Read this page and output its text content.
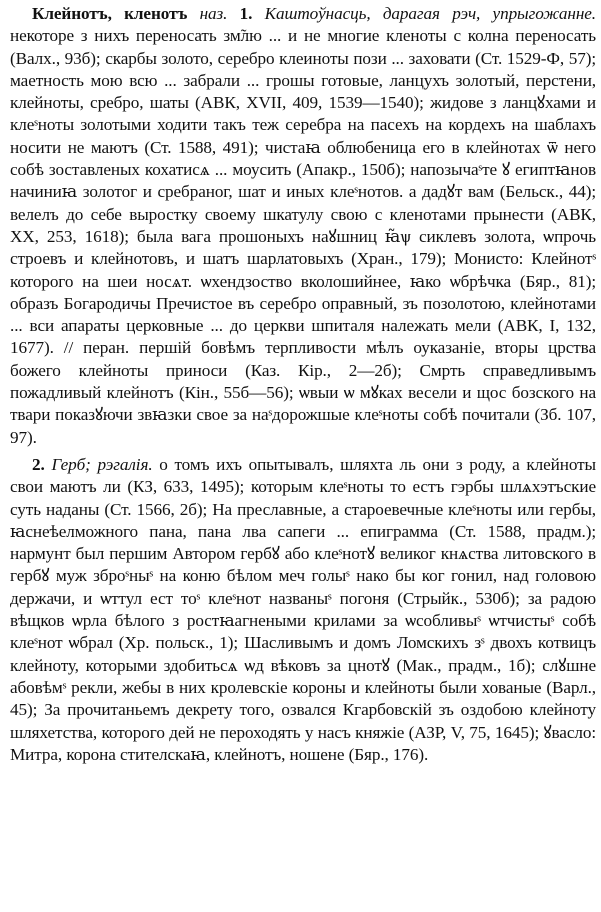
Клейнотъ, кленотъ наз. 1. Каштоўнасць, дарагая рэч, упрыгожанне. некоторе з нихъ переносать зм̃лю ... и не многие кленоты с колна переносать (Валх., 93б); скарбы золото, серебро клеиноты пози ... заховати (Ст. 1529-Ф, 57); маетность мою всю ... забрали ... грошы готовые, ланцухъ золотый, перстени, клейноты, сребро, шаты (АВК, XVII, 409, 1539—1540); жидове з ланцꙋхами и клеˢноты золотыми ходити такъ теж серебра на пасехъ на кордехъ на шаблахъ носити не маютъ (Ст. 1588, 491); чистаꙗ облюбеница его в клейнотах ѿ него собѣ зоставленых кохатисѧ ... моусить (Апакр., 150б); напозычаˢте ꙋ египтꙗнов начиниꙗ золотог и сребраног, шат и иных клеˢнотов. а дадꙋт вам (Бельск., 44); велелъ до себе выростку своему шкатулу свою с кленотами прынести (АВК, XX, 253, 1618); была вага прошоныхъ наꙋшниц ꙗ̃ѱ сиклевъ золота, ѡпрочь строевъ и клейнотовъ, и шатъ шарлатовыхъ (Хран., 179); Монисто: Клейнотˢ которого на шеи носѧт. ѡхендзоство вколошийнее, ꙗко ѡбрѣчка (Бяр., 81); образъ Богародичы Пречистое въ серебро оправный, зъ позолотою, клейнотами ... вси апараты церковные ... до церкви шпиталя належать мели (АВК, I, 132, 1677). // перан. першій бовѣмъ терпливости мѣлъ оуказаніе, вторы црства божего клейноты приноси (Каз. Кір., 2—2б); Смрть справедливымъ пожадливый клейнотъ (Кін., 55б—56); ѡвыи ѡ мꙋках весели и щос бозского на твари показꙋючи звꙗзки свое за наˢдорожшые клеˢноты собѣ почитали (Зб. 107, 97).

2. Герб; рэгалія. о томъ ихъ опытывалъ, шляхта ль они з роду, а клейноты свои маютъ ли (КЗ, 633, 1495); которым клеˢноты то естъ гэрбы шлѧхэтъские суть наданы (Ст. 1566, 2б); На преславные, а староевечные клеˢноты или гербы, ꙗснеѣелможного пана, пана лва сапеги ... епиграмма (Ст. 1588, прадм.); нармунт был першим Автором гербꙋ або клеˢнотꙋ великог кнѧства литовского в гербꙋ муж зброˢныˢ на коню бѣлом меч голыˢ нако бы ког гонил, над головою держачи, и ѡттул ест тоˢ клеˢнот названыˢ погоня (Стрыйк., 530б); за радою вѣщков ѡрла бѣлого з ростꙗагнеными крилами за ѡсобливыˢ ѡтчистыˢ собѣ клеˢнот ѡбрал (Хр. польск., 1); Шасливымъ и домъ Ломскихъ зˢ двохъ котвицъ клейноту, которыми здобитьсѧ ѡд вѣковъ за цнотꙋ (Мак., прадм., 1б); слꙋшне абовѣмˢ рекли, жебы в них кролевскіе короны и клейноты были хованые (Варл., 45); За прочитаньемъ декрету того, озвался Кгарбовскій зъ оздобою клейноту шляхетства, которого дей не пероходять у насъ княжіе (АЗР, V, 75, 1645); ꙋвасло: Митра, корона стителскаꙗ, клейнотъ, ношене (Бяр., 176).
